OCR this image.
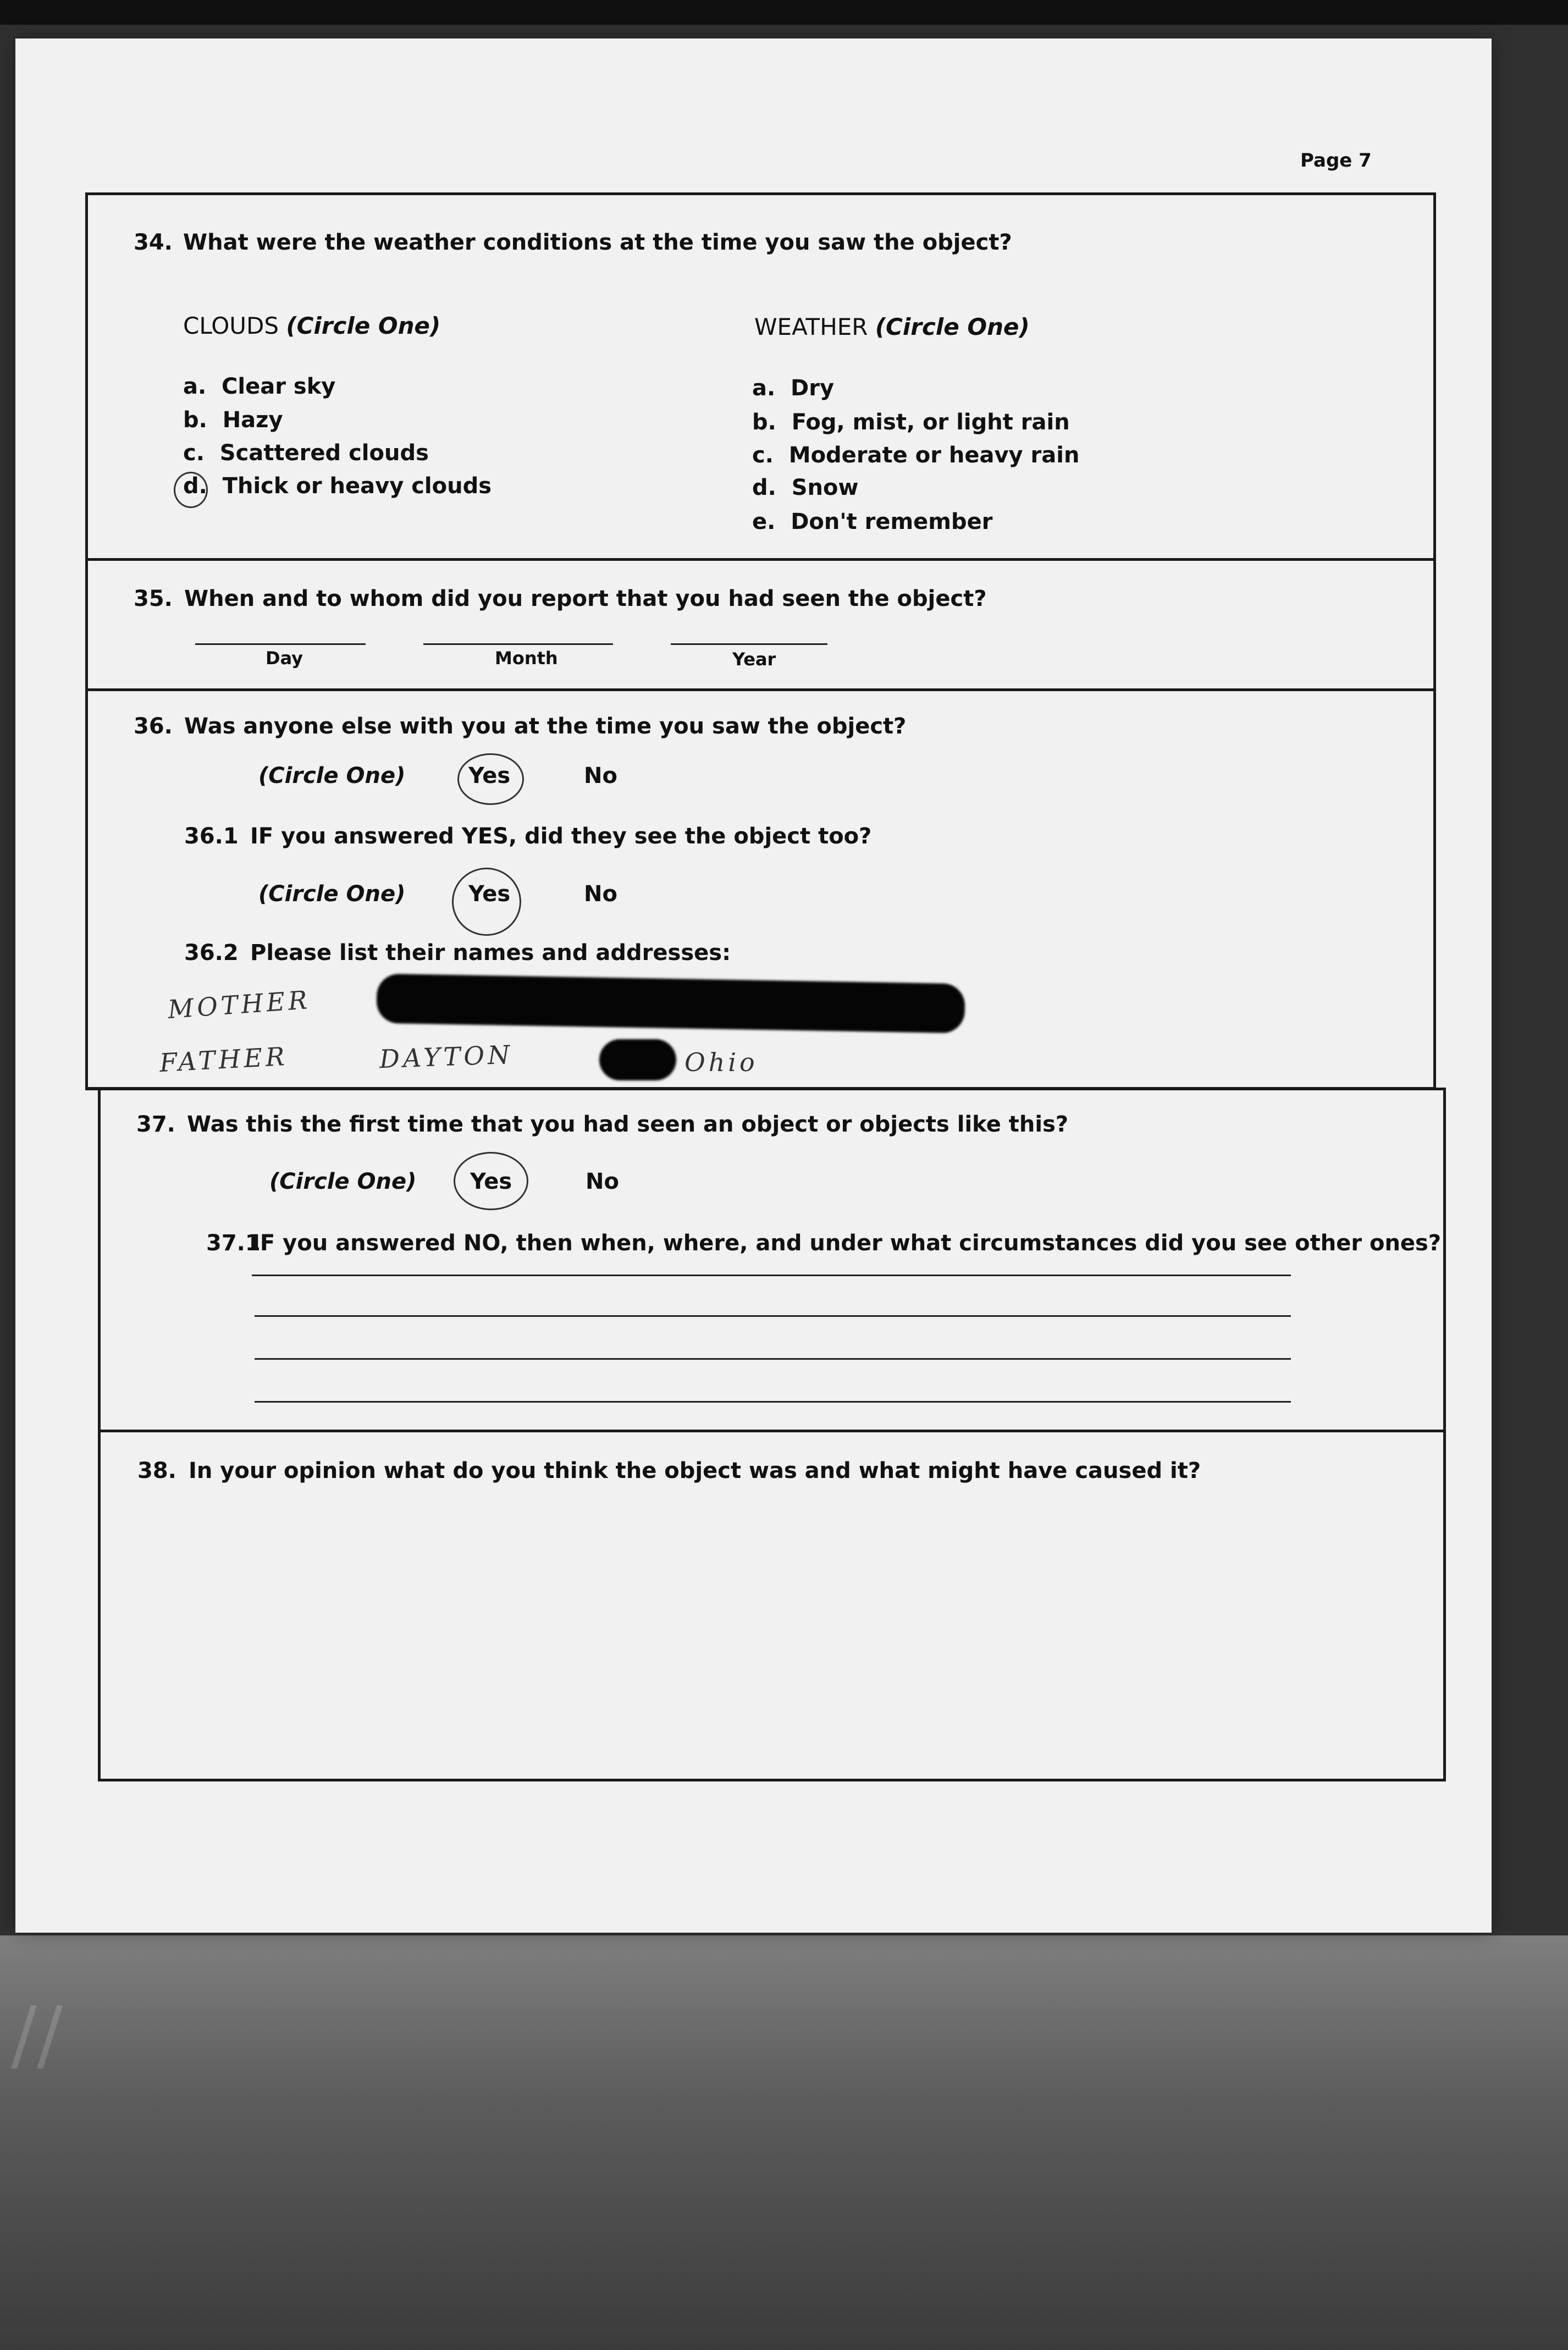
//
Page 7
34. What were the weather conditions at the time you saw the object?
CLOUDS (Circle One)	WEATHER (Circle One)
a. Clear sky
b. Hazy
c. Scattered clouds
d. Thick or heavy clouds
a. Dry
b. Fog, mist, or light rain
c. Moderate or heavy rain
d. Snow
e. Don't remember
35. When and to whom did you report that you had seen the object?
Day	Month	Year
36. Was anyone else with you at the time you saw the object?
(Circle One)	Yes	No
36.1 IF you answered YES, did they see the object too?
(Circle One)	Yes	No
36.2 Please list their names and addresses:
MOTHER
FATHER	DAYTON	Ohio
37. Was this the first time that you had seen an object or objects like this?
(Circle One) Yes	No
37.1
IF you answered NO, then when, where, and under what circumstances did you see other ones?
38. In your opinion what do you think the object was and what might have caused it?
